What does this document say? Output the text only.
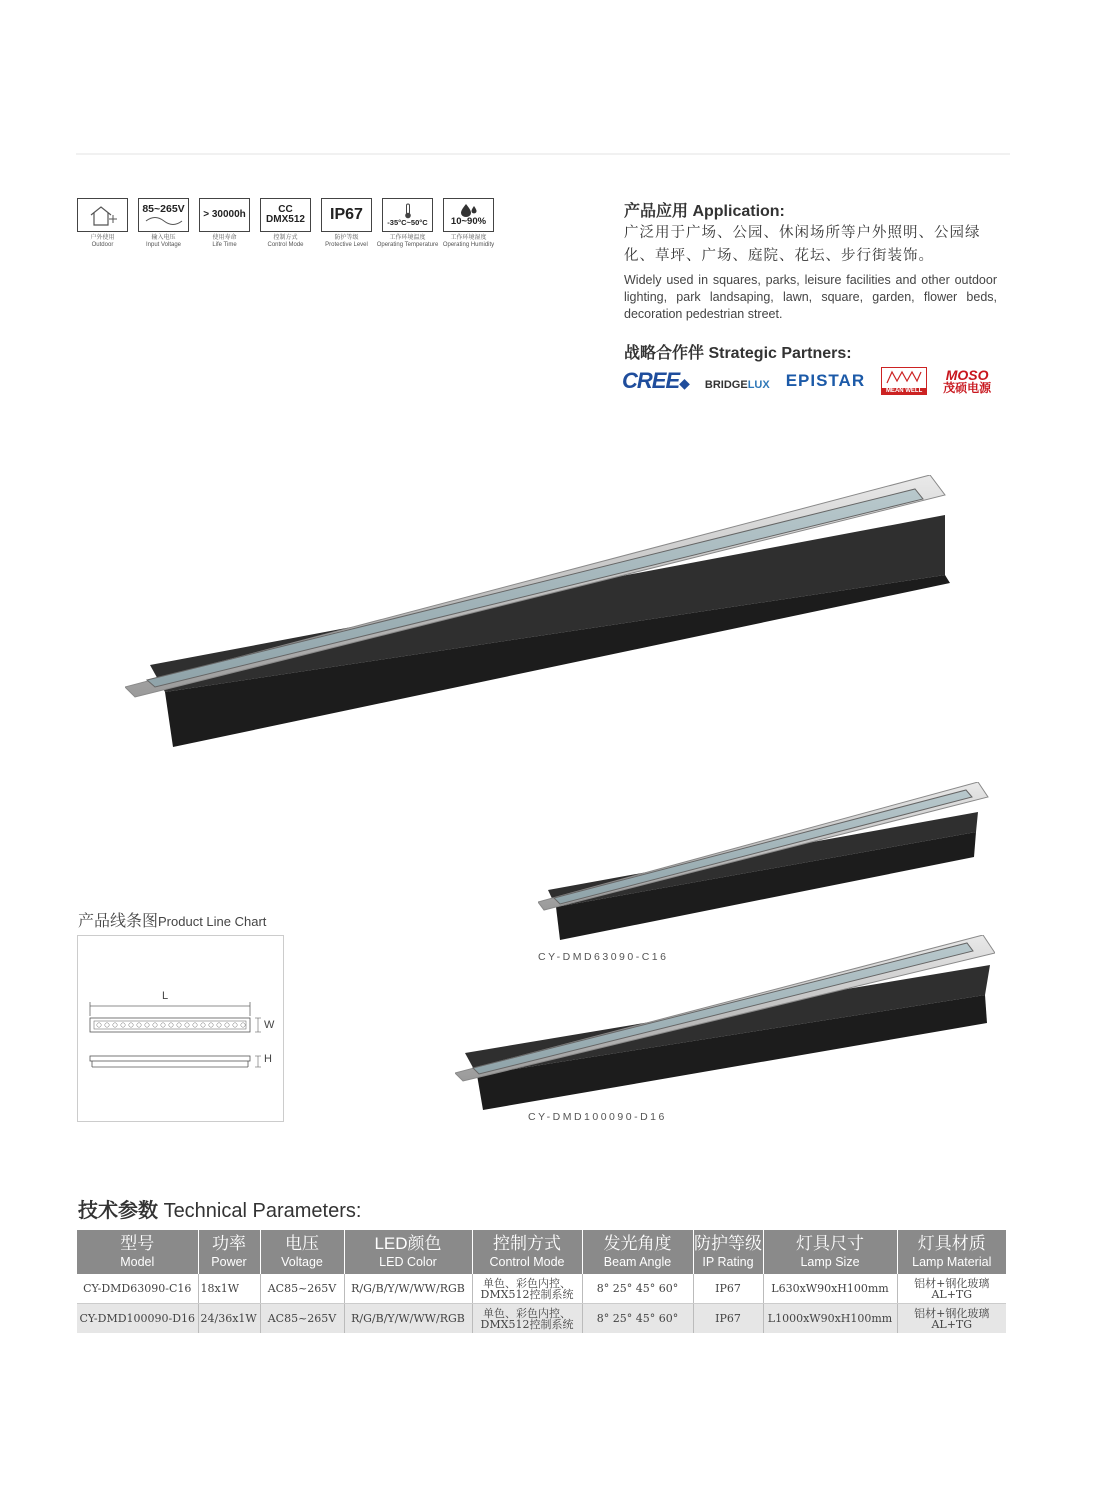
户外使用
Outdoor
85~265V
输入电压
Input Voltage
> 30000h
使用寿命
Life Time
CC
DMX512
控制方式
Control Mode
IP67
防护等级
Protective Level
-35°C~50°C
工作环境温度
Operating Temperature
10~90%
工作环境湿度
Operating Humidity
产品应用 Application:
广泛用于广场、公园、休闲场所等户外照明、公园绿化、草坪、广场、庭院、花坛、步行街装饰。
Widely used in squares, parks, leisure facilities and other outdoor lighting, park landsaping, lawn, square, garden, flower beds, decoration pedestrian street.
战略合作伴 Strategic Partners:
CREE◆ BRIDGELUX EPISTAR
MEAN WELL
MOSO
茂硕电源
CY-DMD63090-C16
CY-DMD100090-D16
产品线条图Product Line Chart
L
W
H
技术参数 Technical Parameters:
型号
Model	功率
Power	电压
Voltage	LED颜色
LED Color	控制方式
Control Mode	发光角度
Beam Angle	防护等级
IP Rating	灯具尺寸
Lamp Size	灯具材质
Lamp Material

CY-DMD63090-C16	18x1W	AC85~265V	R/G/B/Y/W/WW/RGB	单色、彩色内控、
DMX512控制系统	8° 25° 45° 60°	IP67	L630xW90xH100mm	铝材+钢化玻璃
AL+TG
CY-DMD100090-D16	24/36x1W	AC85~265V	R/G/B/Y/W/WW/RGB	单色、彩色内控、
DMX512控制系统	8° 25° 45° 60°	IP67	L1000xW90xH100mm	铝材+钢化玻璃
AL+TG
